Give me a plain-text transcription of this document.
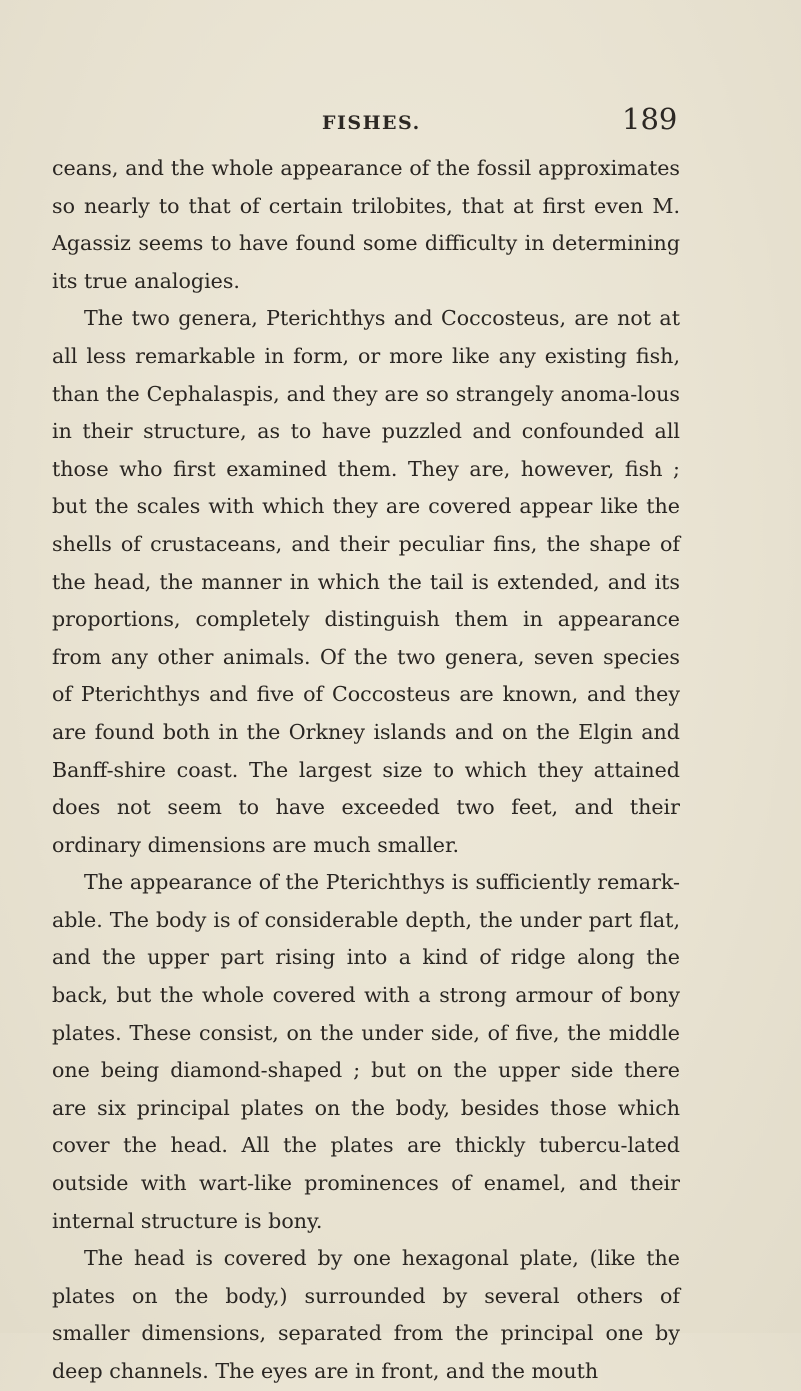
FISHES.	189

ceans, and the whole appearance of the fossil approximates so nearly to that of certain trilobites, that at first even M. Agassiz seems to have found some difficulty in determining its true analogies.

The two genera, Pterichthys and Coccosteus, are not at all less remarkable in form, or more like any existing fish, than the Cephalaspis, and they are so strangely anoma-lous in their structure, as to have puzzled and confounded all those who first examined them. They are, however, fish ; but the scales with which they are covered appear like the shells of crustaceans, and their peculiar fins, the shape of the head, the manner in which the tail is extended, and its proportions, completely distinguish them in appearance from any other animals. Of the two genera, seven species of Pterichthys and five of Coccosteus are known, and they are found both in the Orkney islands and on the Elgin and Banff-shire coast. The largest size to which they attained does not seem to have exceeded two feet, and their ordinary dimensions are much smaller.

The appearance of the Pterichthys is sufficiently remark-able. The body is of considerable depth, the under part flat, and the upper part rising into a kind of ridge along the back, but the whole covered with a strong armour of bony plates. These consist, on the under side, of five, the middle one being diamond-shaped ; but on the upper side there are six principal plates on the body, besides those which cover the head. All the plates are thickly tubercu-lated outside with wart-like prominences of enamel, and their internal structure is bony.

The head is covered by one hexagonal plate, (like the plates on the body,) surrounded by several others of smaller dimensions, separated from the principal one by deep channels. The eyes are in front, and the mouth
